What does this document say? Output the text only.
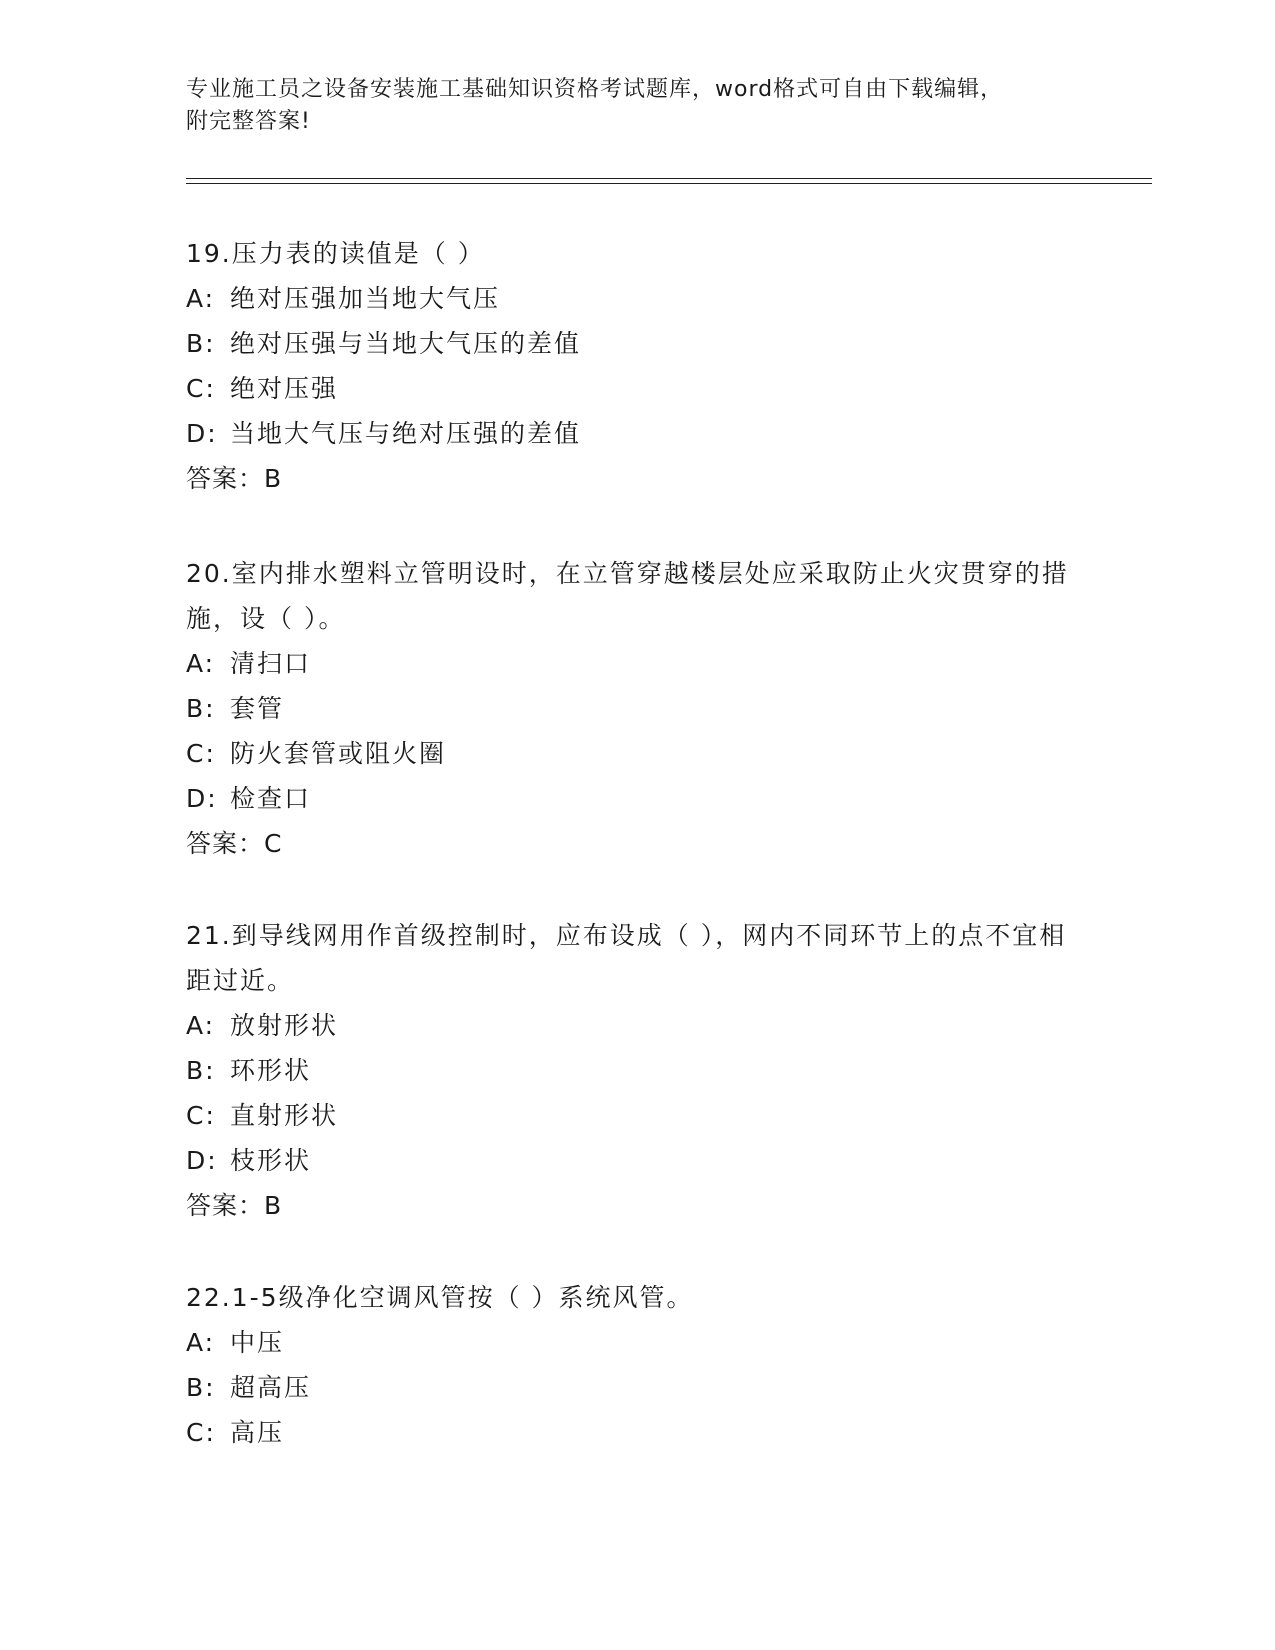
专业施工员之设备安装施工基础知识资格考试题库，word格式可自由下载编辑，
附完整答案!
19.压力表的读值是（ ）
A: 绝对压强加当地大气压
B: 绝对压强与当地大气压的差值
C: 绝对压强
D: 当地大气压与绝对压强的差值
答案：B
20.室内排水塑料立管明设时，在立管穿越楼层处应采取防止火灾贯穿的措施，设（ ）。
A: 清扫口
B: 套管
C: 防火套管或阻火圈
D: 检查口
答案：C
21.到导线网用作首级控制时，应布设成（ ），网内不同环节上的点不宜相距过近。
A: 放射形状
B: 环形状
C: 直射形状
D: 枝形状
答案：B
22.1-5级净化空调风管按（ ）系统风管。
A: 中压
B: 超高压
C: 高压
